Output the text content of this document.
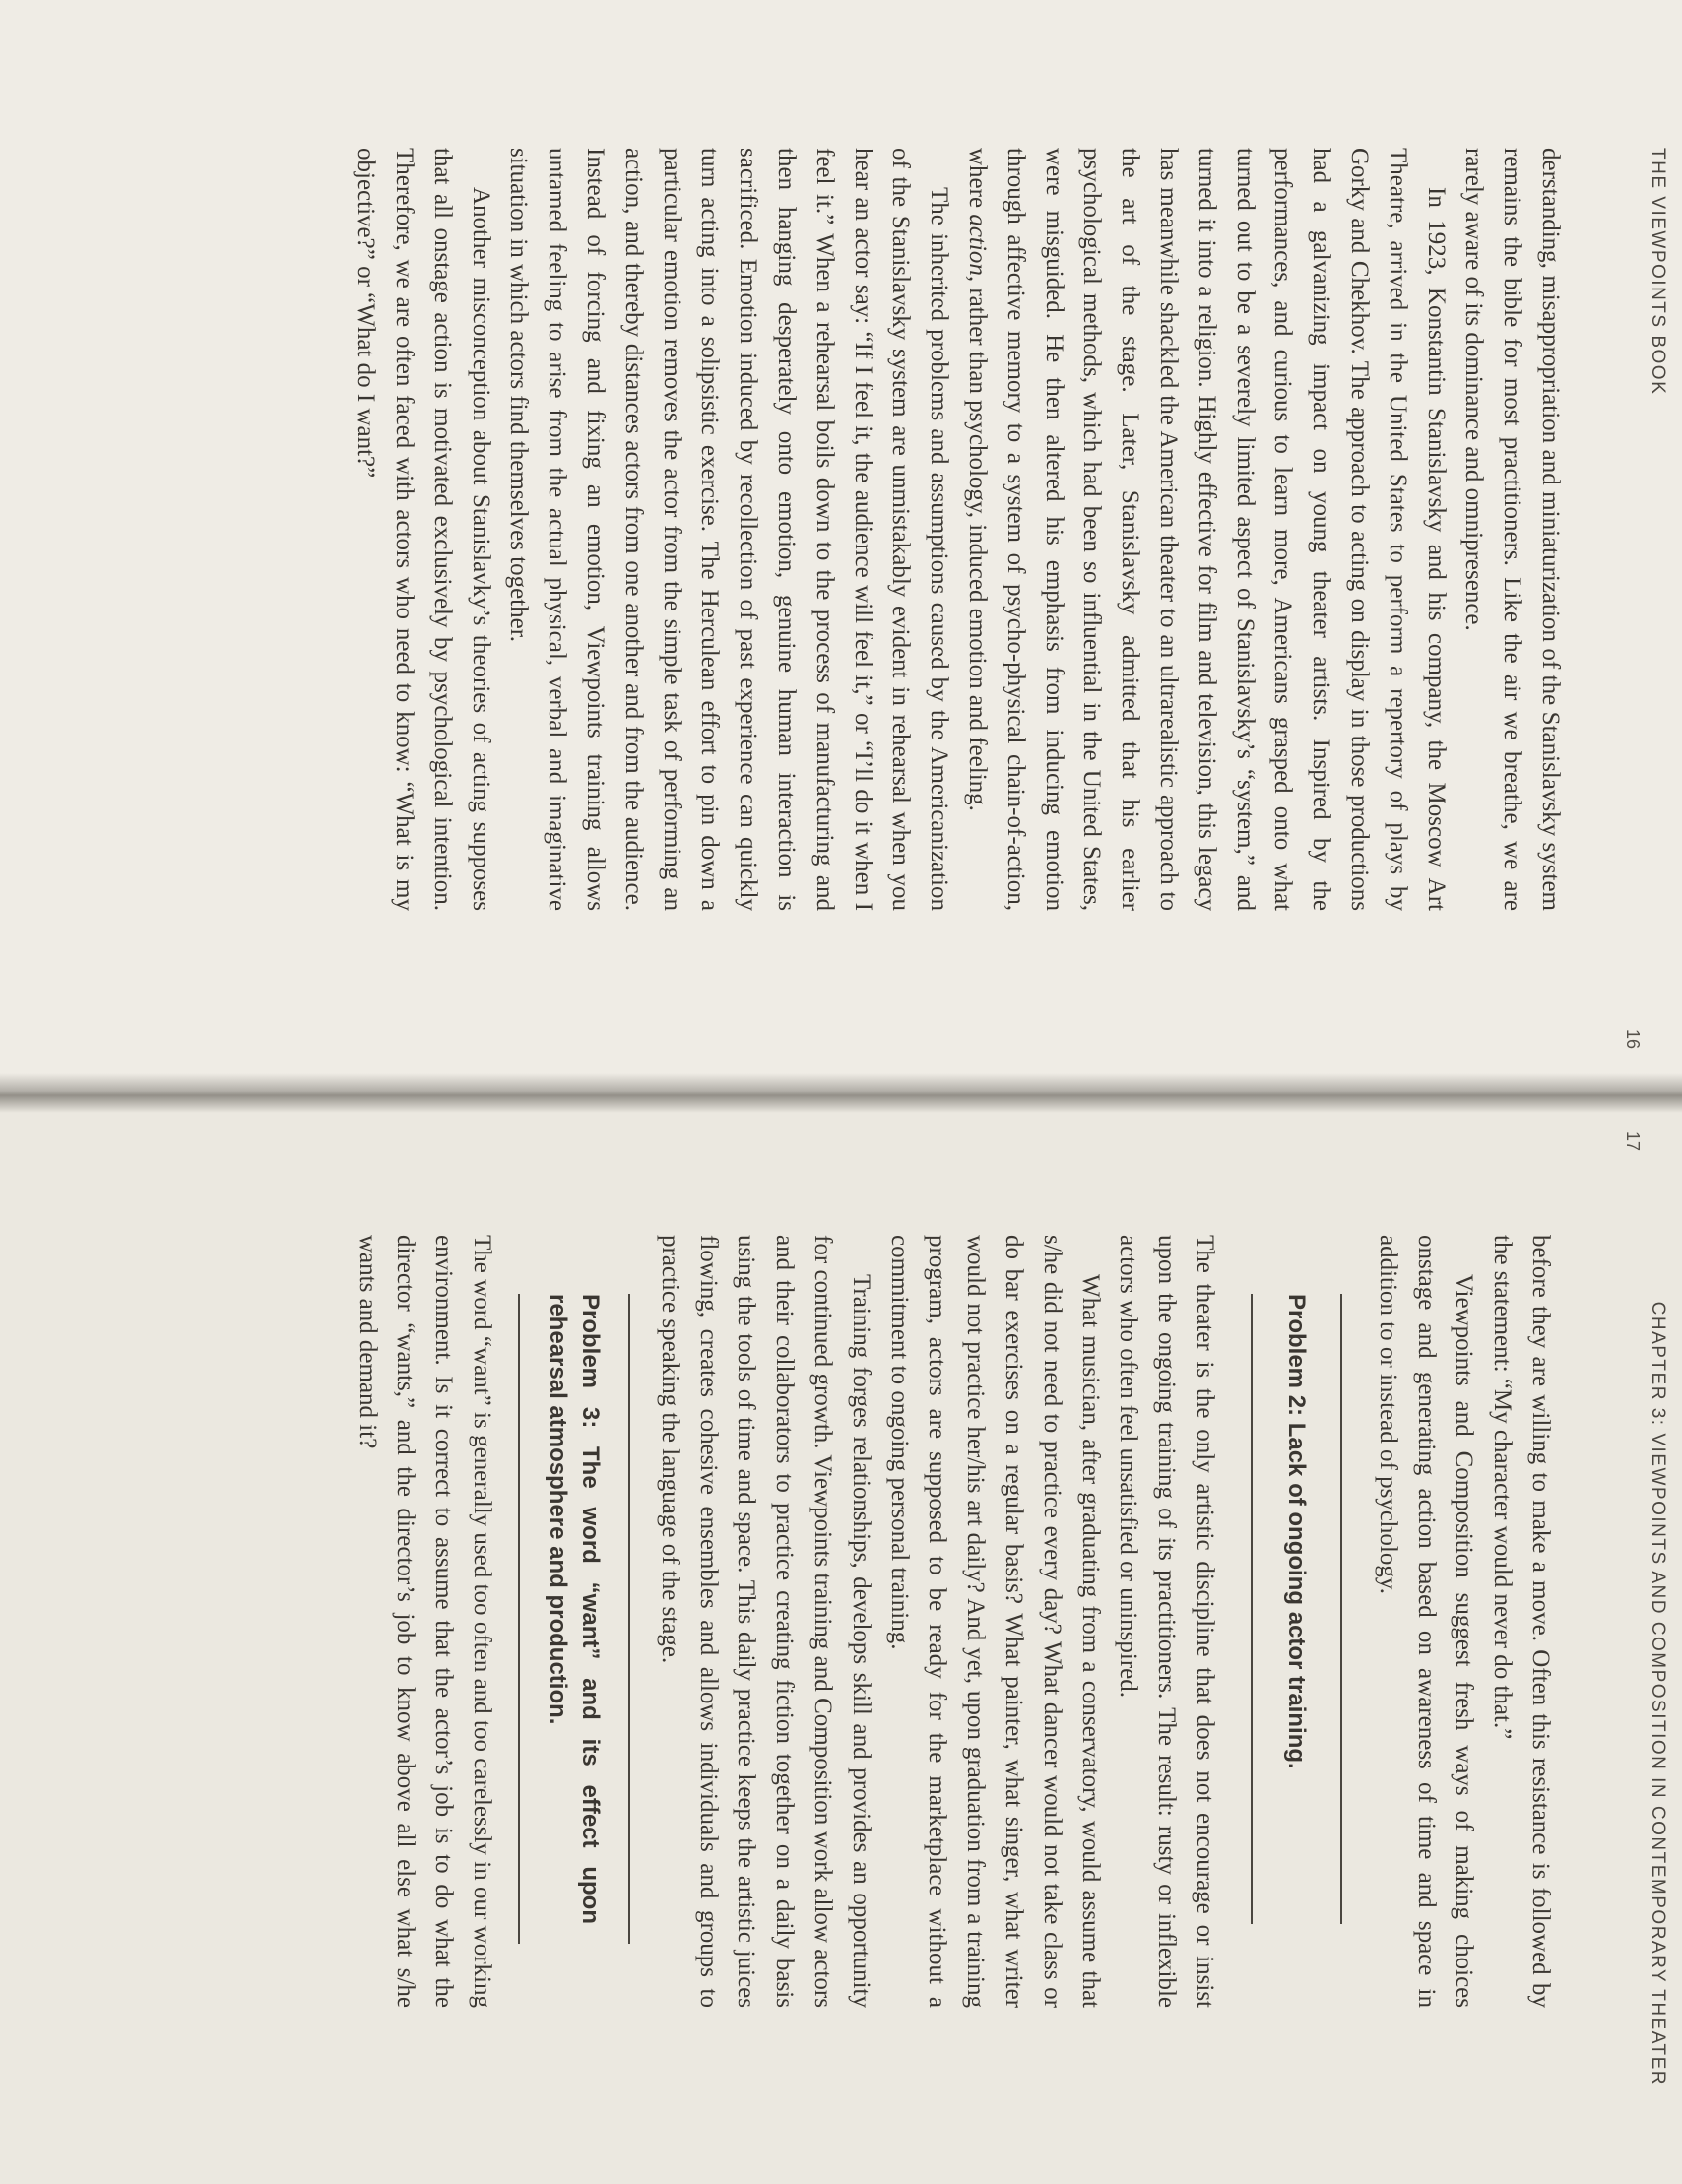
THE VIEWPOINTS BOOK
16

derstanding, misappropriation and miniaturization of the Stanislavsky system remains the bible for most practitioners. Like the air we breathe, we are rarely aware of its dominance and omnipresence.

In 1923, Konstantin Stanislavsky and his company, the Moscow Art Theatre, arrived in the United States to perform a repertory of plays by Gorky and Chekhov. The approach to acting on display in those productions had a galvanizing impact on young theater artists. Inspired by the performances, and curious to learn more, Americans grasped onto what turned out to be a severely limited aspect of Stanislavsky’s “system,” and turned it into a religion. Highly effective for film and television, this legacy has meanwhile shackled the American theater to an ultrarealistic approach to the art of the stage. Later, Stanislavsky admitted that his earlier psychological methods, which had been so influential in the United States, were misguided. He then altered his emphasis from inducing emotion through affective memory to a system of psycho-physical chain-of-action, where action, rather than psychology, induced emotion and feeling.

The inherited problems and assumptions caused by the Americanization of the Stanislavsky system are unmistakably evident in rehearsal when you hear an actor say: “If I feel it, the audience will feel it,” or “I’ll do it when I feel it.” When a rehearsal boils down to the process of manufacturing and then hanging desperately onto emotion, genuine human interaction is sacrificed. Emotion induced by recollection of past experience can quickly turn acting into a solipsistic exercise. The Herculean effort to pin down a particular emotion removes the actor from the simple task of performing an action, and thereby distances actors from one another and from the audience. Instead of forcing and fixing an emotion, Viewpoints training allows untamed feeling to arise from the actual physical, verbal and imaginative situation in which actors find themselves together.

Another misconception about Stanislavky’s theories of acting supposes that all onstage action is motivated exclusively by psychological intention. Therefore, we are often faced with actors who need to know: “What is my objective?” or “What do I want?”

CHAPTER 3: VIEWPOINTS AND COMPOSITION IN CONTEMPORARY THEATER
17

before they are willing to make a move. Often this resistance is followed by the statement: “My character would never do that.”

Viewpoints and Composition suggest fresh ways of making choices onstage and generating action based on awareness of time and space in addition to or instead of psychology.

Problem 2: Lack of ongoing actor training.

The theater is the only artistic discipline that does not encourage or insist upon the ongoing training of its practitioners. The result: rusty or inflexible actors who often feel unsatisfied or uninspired.

What musician, after graduating from a conservatory, would assume that s/he did not need to practice every day? What dancer would not take class or do bar exercises on a regular basis? What painter, what singer, what writer would not practice her/his art daily? And yet, upon graduation from a training program, actors are supposed to be ready for the marketplace without a commitment to ongoing personal training.

Training forges relationships, develops skill and provides an opportunity for continued growth. Viewpoints training and Composition work allow actors and their collaborators to practice creating fiction together on a daily basis using the tools of time and space. This daily practice keeps the artistic juices flowing, creates cohesive ensembles and allows individuals and groups to practice speaking the language of the stage.

Problem 3: The word “want” and its effect upon rehearsal atmosphere and production.

The word “want” is generally used too often and too carelessly in our working environment. Is it correct to assume that the actor’s job is to do what the director “wants,” and the director’s job to know above all else what s/he wants and demand it?
